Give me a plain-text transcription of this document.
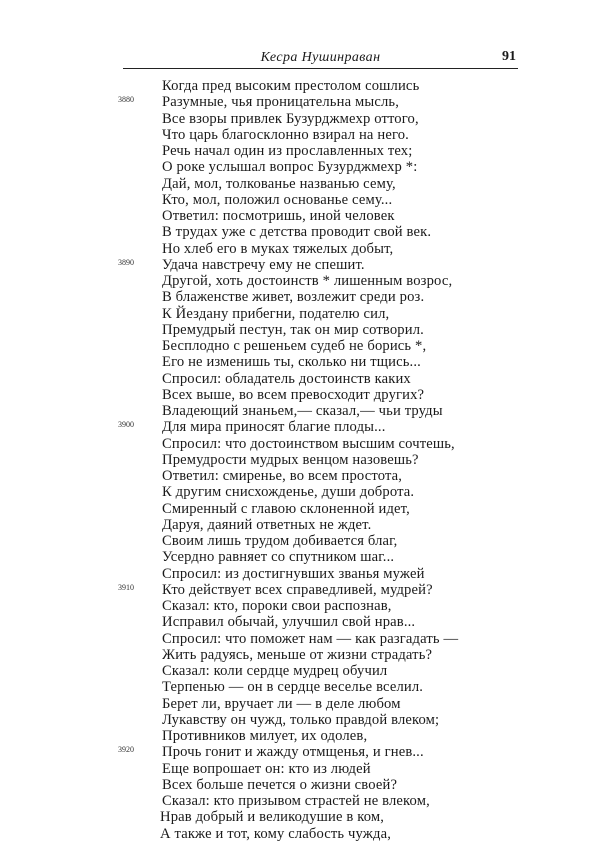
Кесра Нушинраван	91
Когда пред высоким престолом сошлись
Разумные, чья проницательна мысль,
3880
Все взоры привлек Бузурджмехр оттого,
Что царь благосклонно взирал на него.
Речь начал один из прославленных тех;
О роке услышал вопрос Бузурджмехр *:
Дай, мол, толкованье названью сему,
Кто, мол, положил основанье сему...
Ответил: посмотришь, иной человек
В трудах уже с детства проводит свой век.
Но хлеб его в муках тяжелых добыт,
Удача навстречу ему не спешит.
3890
Другой, хоть достоинств * лишенным возрос,
В блаженстве живет, возлежит среди роз.
К Йездану прибегни, подателю сил,
Премудрый пестун, так он мир сотворил.
Бесплодно с решеньем судеб не борись *,
Его не изменишь ты, сколько ни тщись...
Спросил: обладатель достоинств каких
Всех выше, во всем превосходит других?
Владеющий знаньем,— сказал,— чьи труды
Для мира приносят благие плоды...
3900
Спросил: что достоинством высшим сочтешь,
Премудрости мудрых венцом назовешь?
Ответил: смиренье, во всем простота,
К другим снисхожденье, души доброта.
Смиренный с главою склоненной идет,
Даруя, даяний ответных не ждет.
Своим лишь трудом добивается благ,
Усердно равняет со спутником шаг...
Спросил: из достигнувших званья мужей
Кто действует всех справедливей, мудрей?
3910
Сказал: кто, пороки свои распознав,
Исправил обычай, улучшил свой нрав...
Спросил: что поможет нам — как разгадать —
Жить радуясь, меньше от жизни страдать?
Сказал: коли сердце мудрец обучил
Терпенью — он в сердце веселье вселил.
Берет ли, вручает ли — в деле любом
Лукавству он чужд, только правдой влеком;
Противников милует, их одолев,
Прочь гонит и жажду отмщенья, и гнев...
3920
Еще вопрошает он: кто из людей
Всех больше печется о жизни своей?
Сказал: кто призывом страстей не влеком,
Нрав добрый и великодушие в ком,
А также и тот, кому слабость чужда,
